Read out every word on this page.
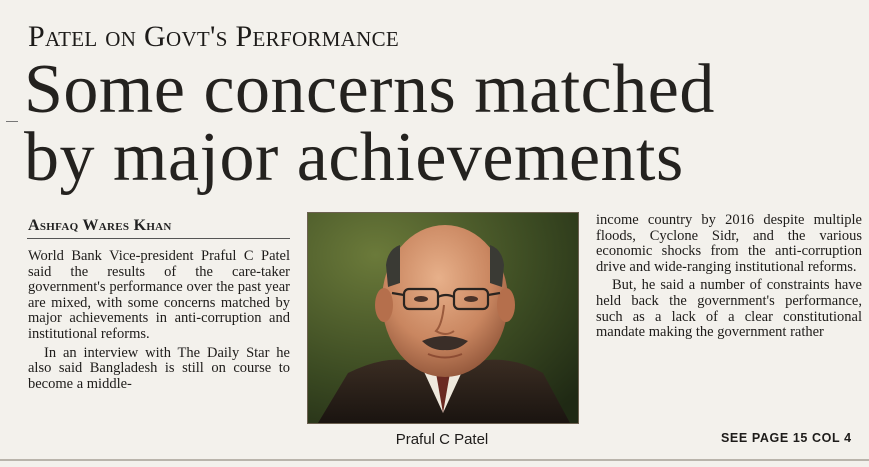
Patel on Govt's Performance
Some concerns matched
by major achievements
Ashfaq Wares Khan

World Bank Vice-president Praful C Patel said the results of the care-taker government's performance over the past year are mixed, with some concerns matched by major achievements in anti-corruption and institutional reforms.

In an interview with The Daily Star he also said Bangladesh is still on course to become a middle-

Praful C Patel

income country by 2016 despite multiple floods, Cyclone Sidr, and the various economic shocks from the anti-corruption drive and wide-ranging institutional reforms.

But, he said a number of constraints have held back the government's performance, such as a lack of a clear constitutional mandate making the government rather

SEE PAGE 15 COL 4
